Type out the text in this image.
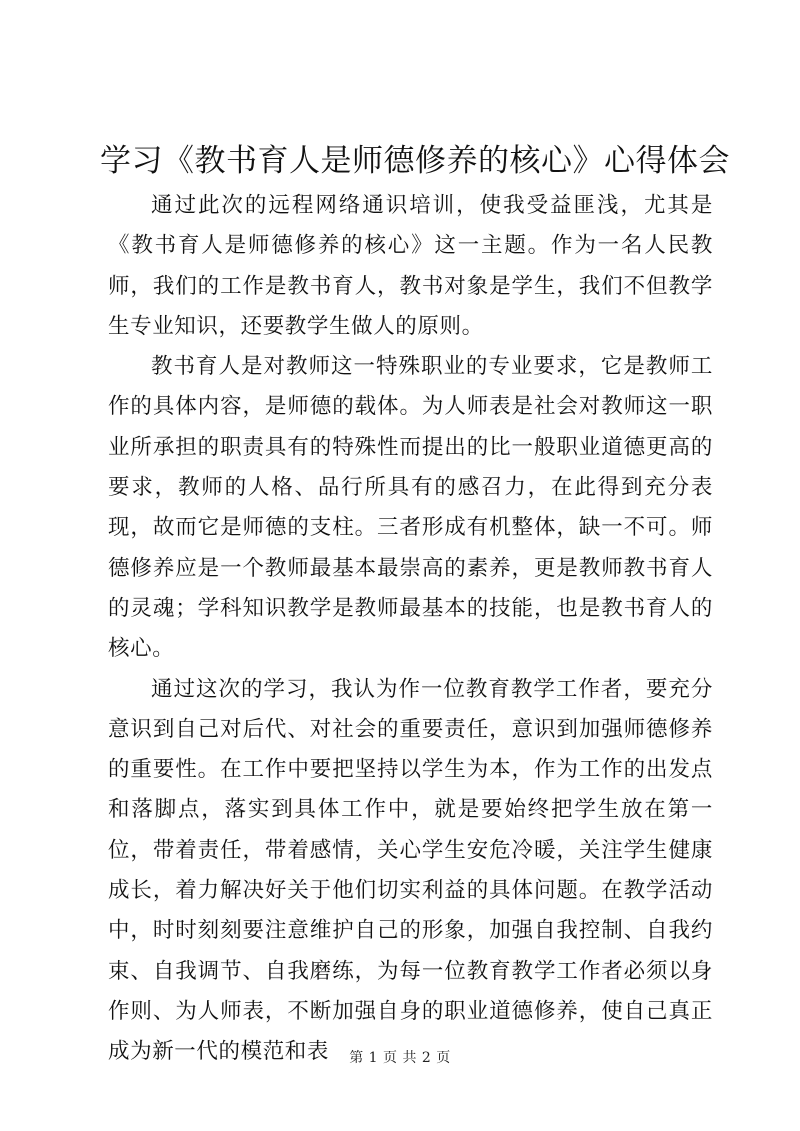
学习《教书育人是师德修养的核心》心得体会

通过此次的远程网络通识培训，使我受益匪浅，尤其是《教书育人是师德修养的核心》这一主题。作为一名人民教师，我们的工作是教书育人，教书对象是学生，我们不但教学生专业知识，还要教学生做人的原则。

教书育人是对教师这一特殊职业的专业要求，它是教师工作的具体内容，是师德的载体。为人师表是社会对教师这一职业所承担的职责具有的特殊性而提出的比一般职业道德更高的要求，教师的人格、品行所具有的感召力，在此得到充分表现，故而它是师德的支柱。三者形成有机整体，缺一不可。师德修养应是一个教师最基本最崇高的素养，更是教师教书育人的灵魂；学科知识教学是教师最基本的技能，也是教书育人的核心。

通过这次的学习，我认为作一位教育教学工作者，要充分意识到自己对后代、对社会的重要责任，意识到加强师德修养的重要性。在工作中要把坚持以学生为本，作为工作的出发点和落脚点，落实到具体工作中，就是要始终把学生放在第一位，带着责任，带着感情，关心学生安危冷暖，关注学生健康成长，着力解决好关于他们切实利益的具体问题。在教学活动中，时时刻刻要注意维护自己的形象，加强自我控制、自我约束、自我调节、自我磨练，为每一位教育教学工作者必须以身作则、为人师表，不断加强自身的职业道德修养，使自己真正成为新一代的模范和表	第 1 页 共 2 页
